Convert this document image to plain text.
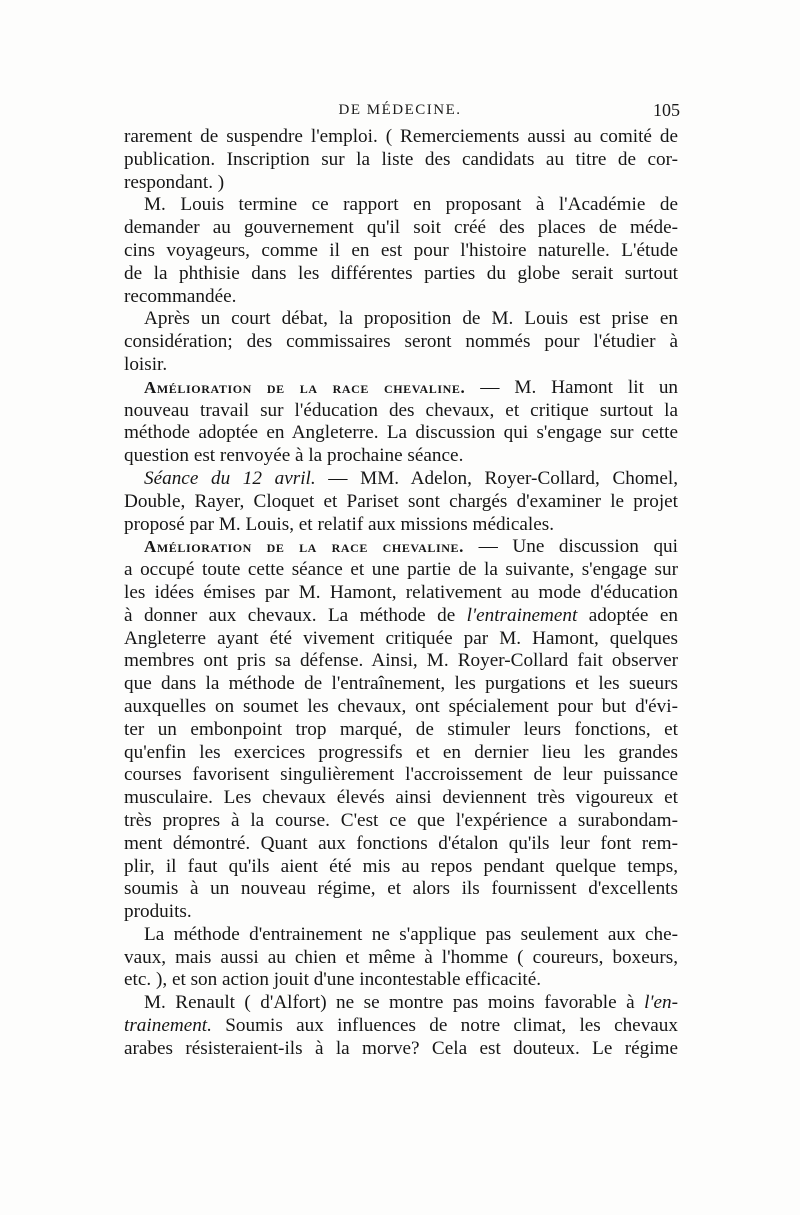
DE MÉDECINE.	105
rarement de suspendre l'emploi. ( Remerciements aussi au comité de
publication. Inscription sur la liste des candidats au titre de cor-
respondant. )
M. Louis termine ce rapport en proposant à l'Académie de
demander au gouvernement qu'il soit créé des places de méde-
cins voyageurs, comme il en est pour l'histoire naturelle. L'étude
de la phthisie dans les différentes parties du globe serait surtout
recommandée.
Après un court débat, la proposition de M. Louis est prise en
considération; des commissaires seront nommés pour l'étudier à
loisir.
Amélioration de la race chevaline. — M. Hamont lit un
nouveau travail sur l'éducation des chevaux, et critique surtout la
méthode adoptée en Angleterre. La discussion qui s'engage sur cette
question est renvoyée à la prochaine séance.
Séance du 12 avril. — MM. Adelon, Royer-Collard, Chomel,
Double, Rayer, Cloquet et Pariset sont chargés d'examiner le projet
proposé par M. Louis, et relatif aux missions médicales.
Amélioration de la race chevaline. — Une discussion qui
a occupé toute cette séance et une partie de la suivante, s'engage sur
les idées émises par M. Hamont, relativement au mode d'éducation
à donner aux chevaux. La méthode de l'entrainement adoptée en
Angleterre ayant été vivement critiquée par M. Hamont, quelques
membres ont pris sa défense. Ainsi, M. Royer-Collard fait observer
que dans la méthode de l'entraînement, les purgations et les sueurs
auxquelles on soumet les chevaux, ont spécialement pour but d'évi-
ter un embonpoint trop marqué, de stimuler leurs fonctions, et
qu'enfin les exercices progressifs et en dernier lieu les grandes
courses favorisent singulièrement l'accroissement de leur puissance
musculaire. Les chevaux élevés ainsi deviennent très vigoureux et
très propres à la course. C'est ce que l'expérience a surabondam-
ment démontré. Quant aux fonctions d'étalon qu'ils leur font rem-
plir, il faut qu'ils aient été mis au repos pendant quelque temps,
soumis à un nouveau régime, et alors ils fournissent d'excellents
produits.
La méthode d'entrainement ne s'applique pas seulement aux che-
vaux, mais aussi au chien et même à l'homme ( coureurs, boxeurs,
etc. ), et son action jouit d'une incontestable efficacité.
M. Renault ( d'Alfort) ne se montre pas moins favorable à l'en-
trainement. Soumis aux influences de notre climat, les chevaux
arabes résisteraient-ils à la morve? Cela est douteux. Le régime
